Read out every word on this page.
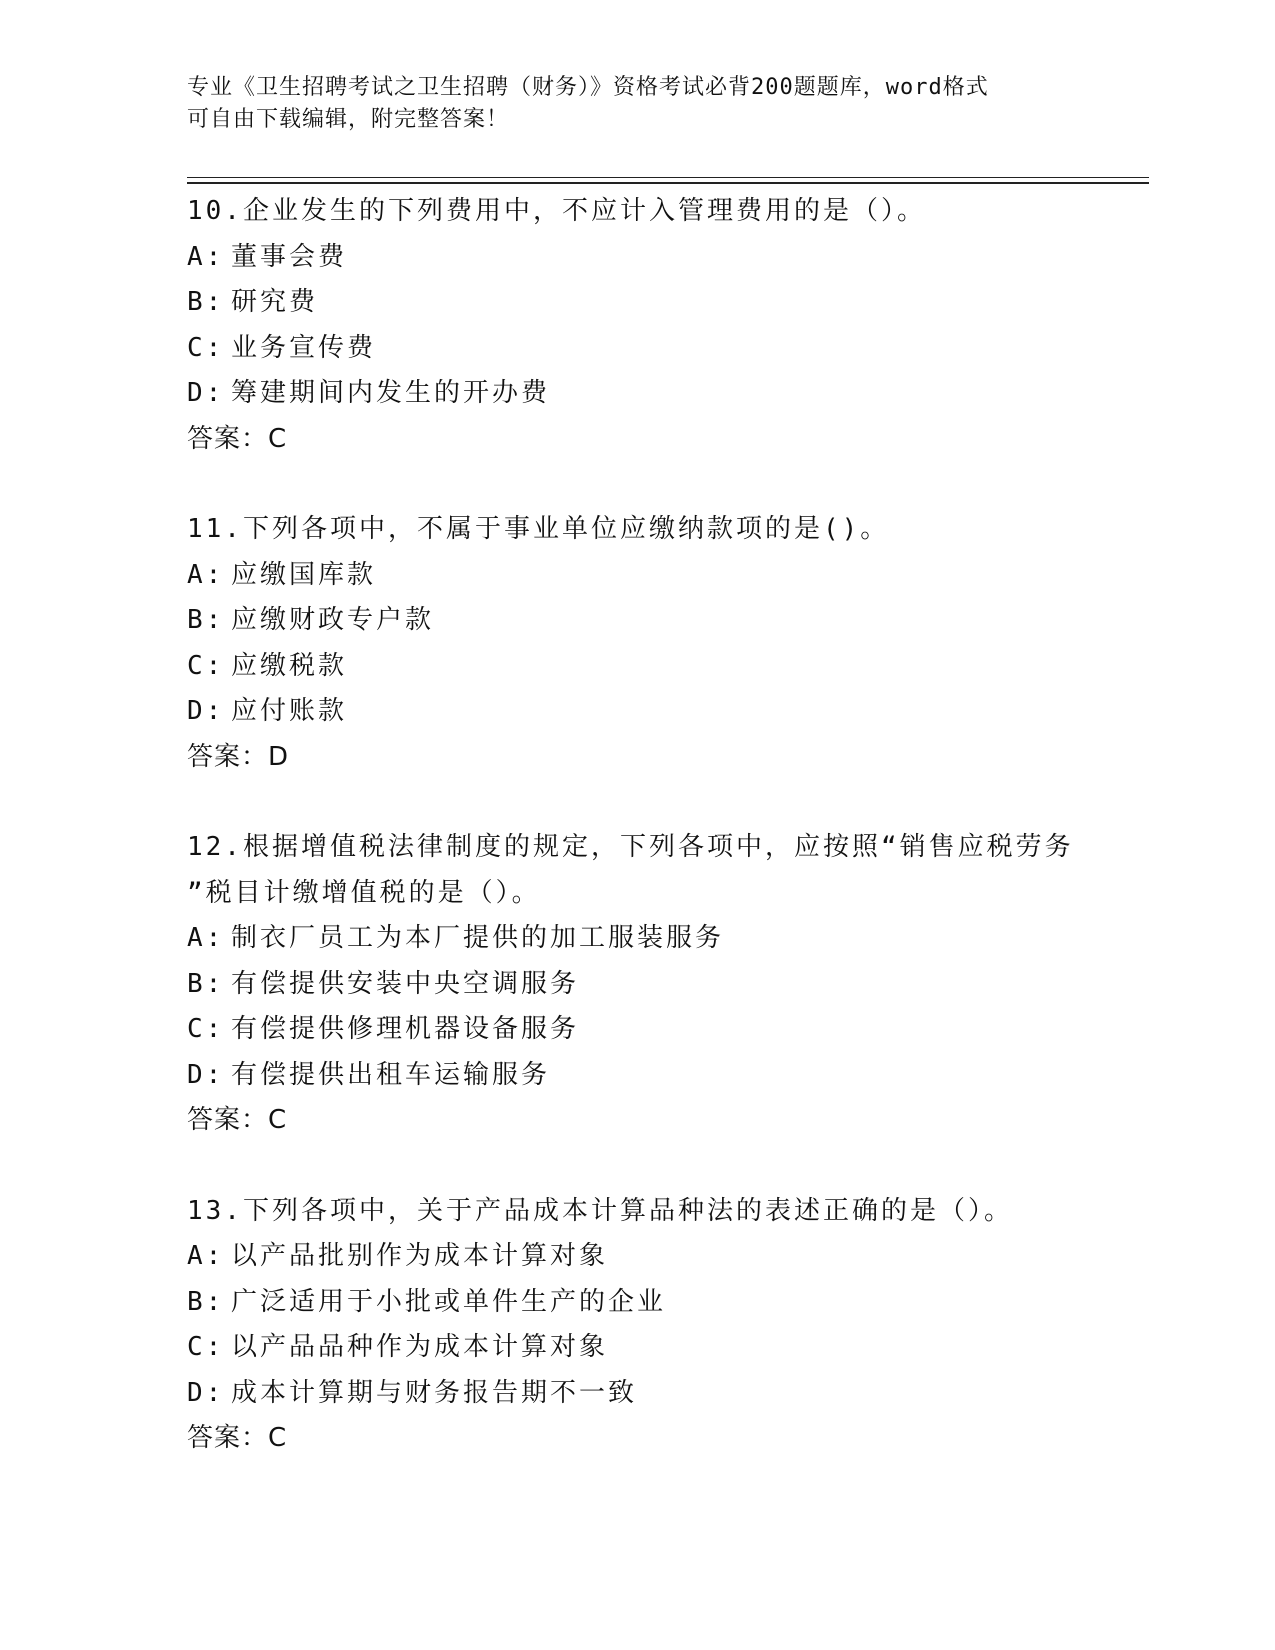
专业《卫生招聘考试之卫生招聘（财务）》资格考试必背200题题库，word格式
可自由下载编辑，附完整答案！
10.企业发生的下列费用中，不应计入管理费用的是（）。
A: 董事会费
B: 研究费
C: 业务宣传费
D: 筹建期间内发生的开办费
答案：C
11.下列各项中，不属于事业单位应缴纳款项的是()。
A: 应缴国库款
B: 应缴财政专户款
C: 应缴税款
D: 应付账款
答案：D
12.根据增值税法律制度的规定，下列各项中，应按照“销售应税劳务
”税目计缴增值税的是（）。
A: 制衣厂员工为本厂提供的加工服装服务
B: 有偿提供安装中央空调服务
C: 有偿提供修理机器设备服务
D: 有偿提供出租车运输服务
答案：C
13.下列各项中，关于产品成本计算品种法的表述正确的是（）。
A: 以产品批别作为成本计算对象
B: 广泛适用于小批或单件生产的企业
C: 以产品品种作为成本计算对象
D: 成本计算期与财务报告期不一致
答案：C
